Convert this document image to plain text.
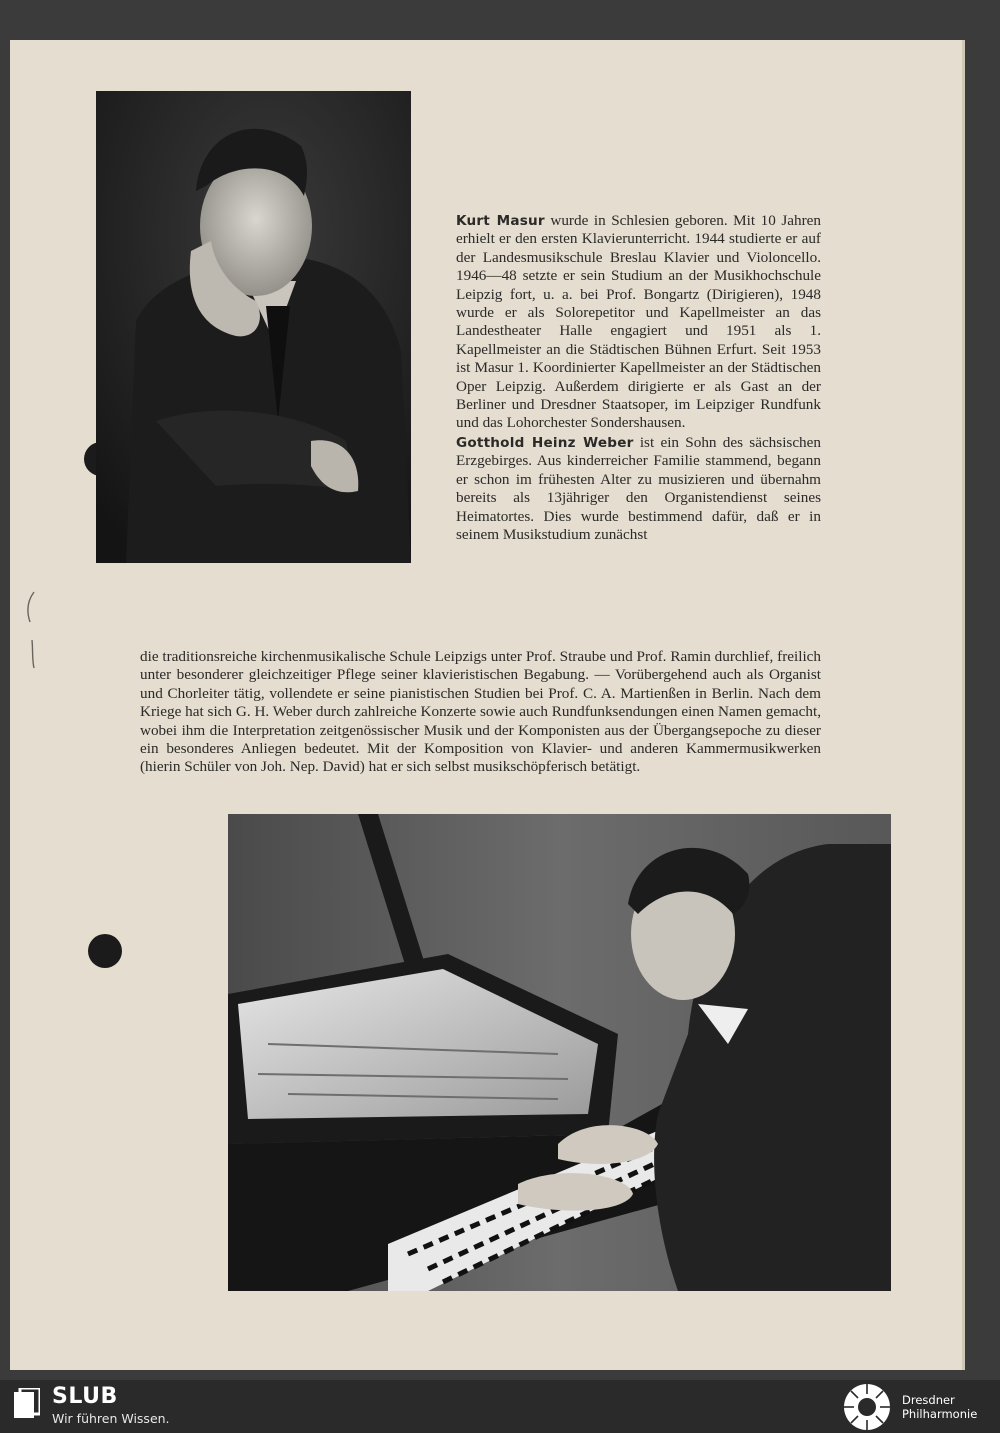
Kurt Masur wurde in Schlesien geboren. Mit 10 Jahren erhielt er den ersten Klavierunterricht. 1944 studierte er auf der Landesmusikschule Breslau Klavier und Violoncello. 1946—48 setzte er sein Studium an der Musikhochschule Leipzig fort, u. a. bei Prof. Bongartz (Dirigieren), 1948 wurde er als Solorepetitor und Kapellmeister an das Landestheater Halle engagiert und 1951 als 1. Kapellmeister an die Städtischen Bühnen Erfurt. Seit 1953 ist Masur 1. Koordinierter Kapellmeister an der Städtischen Oper Leipzig. Außerdem dirigierte er als Gast an der Berliner und Dresdner Staatsoper, im Leipziger Rundfunk und das Lohorchester Sondershausen.

Gotthold Heinz Weber ist ein Sohn des sächsischen Erzgebirges. Aus kinderreicher Familie stammend, begann er schon im frühesten Alter zu musizieren und übernahm bereits als 13jähriger den Organistendienst seines Heimatortes. Dies wurde bestimmend dafür, daß er in seinem Musikstudium zunächst

die traditionsreiche kirchenmusikalische Schule Leipzigs unter Prof. Straube und Prof. Ramin durchlief, freilich unter besonderer gleichzeitiger Pflege seiner klavieristischen Begabung. — Vorübergehend auch als Organist und Chorleiter tätig, vollendete er seine pianistischen Studien bei Prof. C. A. Martienßen in Berlin. Nach dem Kriege hat sich G. H. Weber durch zahlreiche Konzerte sowie auch Rundfunksendungen einen Namen gemacht, wobei ihm die Interpretation zeitgenössischer Musik und der Komponisten aus der Übergangsepoche zu dieser ein besonderes Anliegen bedeutet. Mit der Komposition von Klavier- und anderen Kammermusikwerken (hierin Schüler von Joh. Nep. David) hat er sich selbst musikschöpferisch betätigt.

SLUB
Wir führen Wissen.
Dresdner
Philharmonie
